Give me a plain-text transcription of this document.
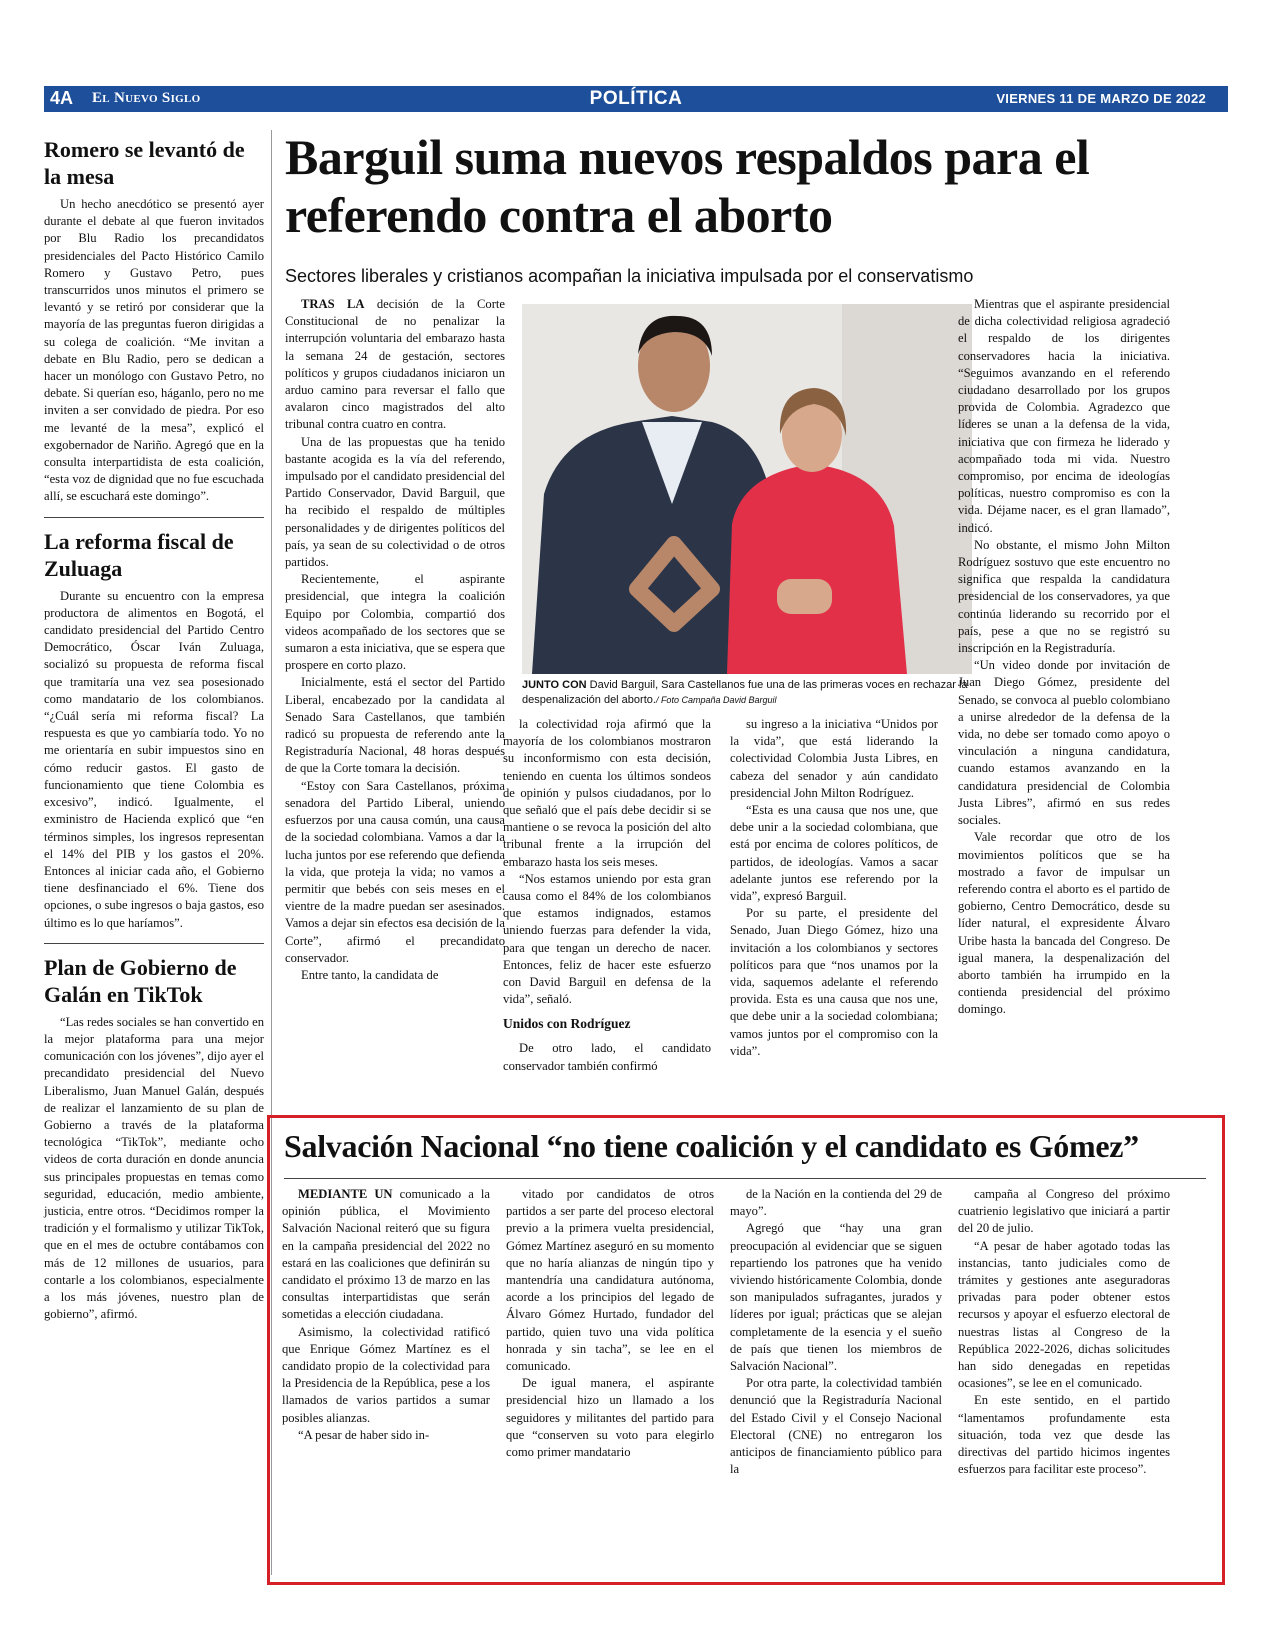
4A El Nuevo Siglo	POLÍTICA	VIERNES 11 DE MARZO DE 2022
Romero se levantó de la mesa

Un hecho anecdótico se presentó ayer durante el debate al que fueron invitados por Blu Radio los precandidatos presidenciales del Pacto Histórico Camilo Romero y Gustavo Petro, pues transcurridos unos minutos el primero se levantó y se retiró por considerar que la mayoría de las preguntas fueron dirigidas a su colega de coalición. “Me invitan a debate en Blu Radio, pero se dedican a hacer un monólogo con Gustavo Petro, no debate. Si querían eso, háganlo, pero no me inviten a ser convidado de piedra. Por eso me levanté de la mesa”, explicó el exgobernador de Nariño. Agregó que en la consulta interpartidista de esta coalición, “esta voz de dignidad que no fue escuchada allí, se escuchará este domingo”.

La reforma fiscal de Zuluaga

Durante su encuentro con la empresa productora de alimentos en Bogotá, el candidato presidencial del Partido Centro Democrático, Óscar Iván Zuluaga, socializó su propuesta de reforma fiscal que tramitaría una vez sea posesionado como mandatario de los colombianos. “¿Cuál sería mi reforma fiscal? La respuesta es que yo cambiaría todo. Yo no me orientaría en subir impuestos sino en cómo reducir gastos. El gasto de funcionamiento que tiene Colombia es excesivo”, indicó. Igualmente, el exministro de Hacienda explicó que “en términos simples, los ingresos representan el 14% del PIB y los gastos el 20%. Entonces al iniciar cada año, el Gobierno tiene desfinanciado el 6%. Tiene dos opciones, o sube ingresos o baja gastos, eso último es lo que haríamos”.

Plan de Gobierno de Galán en TikTok

“Las redes sociales se han convertido en la mejor plataforma para una mejor comunicación con los jóvenes”, dijo ayer el precandidato presidencial del Nuevo Liberalismo, Juan Manuel Galán, después de realizar el lanzamiento de su plan de Gobierno a través de la plataforma tecnológica “TikTok”, mediante ocho videos de corta duración en donde anuncia sus principales propuestas en temas como seguridad, educación, medio ambiente, justicia, entre otros. “Decidimos romper la tradición y el formalismo y utilizar TikTok, que en el mes de octubre contábamos con más de 12 millones de usuarios, para contarle a los colombianos, especialmente a los más jóvenes, nuestro plan de gobierno”, afirmó.

Barguil suma nuevos respaldos para el referendo contra el aborto

Sectores liberales y cristianos acompañan la iniciativa impulsada por el conservatismo

TRAS LA decisión de la Corte Constitucional de no penalizar la interrupción voluntaria del embarazo hasta la semana 24 de gestación, sectores políticos y grupos ciudadanos iniciaron un arduo camino para reversar el fallo que avalaron cinco magistrados del alto tribunal contra cuatro en contra.

Una de las propuestas que ha tenido bastante acogida es la vía del referendo, impulsado por el candidato presidencial del Partido Conservador, David Barguil, que ha recibido el respaldo de múltiples personalidades y de dirigentes políticos del país, ya sean de su colectividad o de otros partidos.

Recientemente, el aspirante presidencial, que integra la coalición Equipo por Colombia, compartió dos videos acompañado de los sectores que se sumaron a esta iniciativa, que se espera que prospere en corto plazo.

Inicialmente, está el sector del Partido Liberal, encabezado por la candidata al Senado Sara Castellanos, que también radicó su propuesta de referendo ante la Registraduría Nacional, 48 horas después de que la Corte tomara la decisión.

“Estoy con Sara Castellanos, próxima senadora del Partido Liberal, uniendo esfuerzos por una causa común, una causa de la sociedad colombiana. Vamos a dar la lucha juntos por ese referendo que defienda la vida, que proteja la vida; no vamos a permitir que bebés con seis meses en el vientre de la madre puedan ser asesinados. Vamos a dejar sin efectos esa decisión de la Corte”, afirmó el precandidato conservador.

Entre tanto, la candidata de

JUNTO CON David Barguil, Sara Castellanos fue una de las primeras voces en rechazar la despenalización del aborto./ Foto Campaña David Barguil

la colectividad roja afirmó que la mayoría de los colombianos mostraron su inconformismo con esta decisión, teniendo en cuenta los últimos sondeos de opinión y pulsos ciudadanos, por lo que señaló que el país debe decidir si se mantiene o se revoca la posición del alto tribunal frente a la irrupción del embarazo hasta los seis meses.

“Nos estamos uniendo por esta gran causa como el 84% de los colombianos que estamos indignados, estamos uniendo fuerzas para defender la vida, para que tengan un derecho de nacer. Entonces, feliz de hacer este esfuerzo con David Barguil en defensa de la vida”, señaló.

Unidos con Rodríguez

De otro lado, el candidato conservador también confirmó

su ingreso a la iniciativa “Unidos por la vida”, que está liderando la colectividad Colombia Justa Libres, en cabeza del senador y aún candidato presidencial John Milton Rodríguez.

“Esta es una causa que nos une, que debe unir a la sociedad colombiana, que está por encima de colores políticos, de partidos, de ideologías. Vamos a sacar adelante juntos ese referendo por la vida”, expresó Barguil.

Por su parte, el presidente del Senado, Juan Diego Gómez, hizo una invitación a los colombianos y sectores políticos para que “nos unamos por la vida, saquemos adelante el referendo provida. Esta es una causa que nos une, que debe unir a la sociedad colombiana; vamos juntos por el compromiso con la vida”.

Mientras que el aspirante presidencial de dicha colectividad religiosa agradeció el respaldo de los dirigentes conservadores hacia la iniciativa. “Seguimos avanzando en el referendo ciudadano desarrollado por los grupos provida de Colombia. Agradezco que líderes se unan a la defensa de la vida, iniciativa que con firmeza he liderado y acompañado toda mi vida. Nuestro compromiso, por encima de ideologías políticas, nuestro compromiso es con la vida. Déjame nacer, es el gran llamado”, indicó.

No obstante, el mismo John Milton Rodríguez sostuvo que este encuentro no significa que respalda la candidatura presidencial de los conservadores, ya que continúa liderando su recorrido por el país, pese a que no se registró su inscripción en la Registraduría.

“Un video donde por invitación de Juan Diego Gómez, presidente del Senado, se convoca al pueblo colombiano a unirse alrededor de la defensa de la vida, no debe ser tomado como apoyo o vinculación a ninguna candidatura, cuando estamos avanzando en la candidatura presidencial de Colombia Justa Libres”, afirmó en sus redes sociales.

Vale recordar que otro de los movimientos políticos que se ha mostrado a favor de impulsar un referendo contra el aborto es el partido de gobierno, Centro Democrático, desde su líder natural, el expresidente Álvaro Uribe hasta la bancada del Congreso. De igual manera, la despenalización del aborto también ha irrumpido en la contienda presidencial del próximo domingo.

Salvación Nacional “no tiene coalición y el candidato es Gómez”

MEDIANTE UN comunicado a la opinión pública, el Movimiento Salvación Nacional reiteró que su figura en la campaña presidencial del 2022 no estará en las coaliciones que definirán su candidato el próximo 13 de marzo en las consultas interpartidistas que serán sometidas a elección ciudadana.

Asimismo, la colectividad ratificó que Enrique Gómez Martínez es el candidato propio de la colectividad para la Presidencia de la República, pese a los llamados de varios partidos a sumar posibles alianzas.

“A pesar de haber sido in-

vitado por candidatos de otros partidos a ser parte del proceso electoral previo a la primera vuelta presidencial, Gómez Martínez aseguró en su momento que no haría alianzas de ningún tipo y mantendría una candidatura autónoma, acorde a los principios del legado de Álvaro Gómez Hurtado, fundador del partido, quien tuvo una vida política honrada y sin tacha”, se lee en el comunicado.

De igual manera, el aspirante presidencial hizo un llamado a los seguidores y militantes del partido para que “conserven su voto para elegirlo como primer mandatario

de la Nación en la contienda del 29 de mayo”.

Agregó que “hay una gran preocupación al evidenciar que se siguen repartiendo los patrones que ha venido viviendo históricamente Colombia, donde son manipulados sufragantes, jurados y líderes por igual; prácticas que se alejan completamente de la esencia y el sueño de país que tienen los miembros de Salvación Nacional”.

Por otra parte, la colectividad también denunció que la Registraduría Nacional del Estado Civil y el Consejo Nacional Electoral (CNE) no entregaron los anticipos de financiamiento público para la

campaña al Congreso del próximo cuatrienio legislativo que iniciará a partir del 20 de julio.

“A pesar de haber agotado todas las instancias, tanto judiciales como de trámites y gestiones ante aseguradoras privadas para poder obtener estos recursos y apoyar el esfuerzo electoral de nuestras listas al Congreso de la República 2022-2026, dichas solicitudes han sido denegadas en repetidas ocasiones”, se lee en el comunicado.

En este sentido, en el partido “lamentamos profundamente esta situación, toda vez que desde las directivas del partido hicimos ingentes esfuerzos para facilitar este proceso”.
